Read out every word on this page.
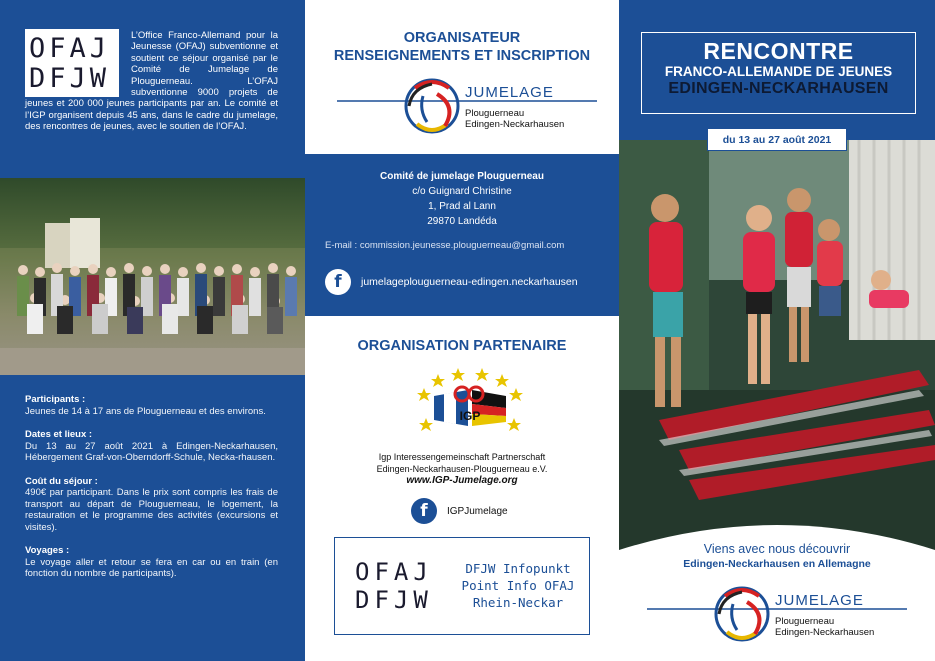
OFAJ
DFJW
L’Office Franco-Allemand pour la Jeunesse (OFAJ) subventionne et soutient ce séjour organisé par le Comité de Jumelage de Plouguerneau. L’OFAJ subventionne 9000 projets de jeunes et 200 000 jeunes participants par an. Le comité et l’IGP organisent depuis 45 ans, dans le cadre du jumelage, des rencontres de jeunes, avec le soutien de l’OFAJ.
Participants :

Jeunes de 14 à 17 ans de Plouguerneau et des environs.

Dates et lieux :

Du 13 au 27 août 2021 à Edingen-Neckarhausen, Hébergement Graf-von-Oberndorff-Schule, Necka-rhausen.

Coût du séjour :

490€ par participant. Dans le prix sont compris les frais de transport au départ de Plouguerneau, le logement, la restauration et le programme des activités (excursions et visites).

Voyages :

Le voyage aller et retour se fera en car ou en train (en fonction du nombre de participants).

ORGANISATEUR
RENSEIGNEMENTS ET INSCRIPTION
JUMELAGE
Plouguerneau
Edingen-Neckarhausen
Comité de jumelage Plouguerneau
c/o Guignard Christine
1, Prad al Lann
29870 Landéda
E-mail : commission.jeunesse.plouguerneau@gmail.com
f	jumelageplouguerneau-edingen.neckarhausen
ORGANISATION PARTENAIRE
IGP
Igp Interessengemeinschaft Partnerschaft
Edingen-Neckarhausen-Plouguerneau e.V.
www.IGP-Jumelage.org
f	IGPJumelage
OFAJ
DFJW
DFJW Infopunkt
Point Info OFAJ
Rhein-Neckar
RENCONTRE
FRANCO-ALLEMANDE DE JEUNES
EDINGEN-NECKARHAUSEN
du 13 au 27 août 2021
Viens avec nous découvrir
Edingen-Neckarhausen en Allemagne
JUMELAGE
Plouguerneau
Edingen-Neckarhausen
